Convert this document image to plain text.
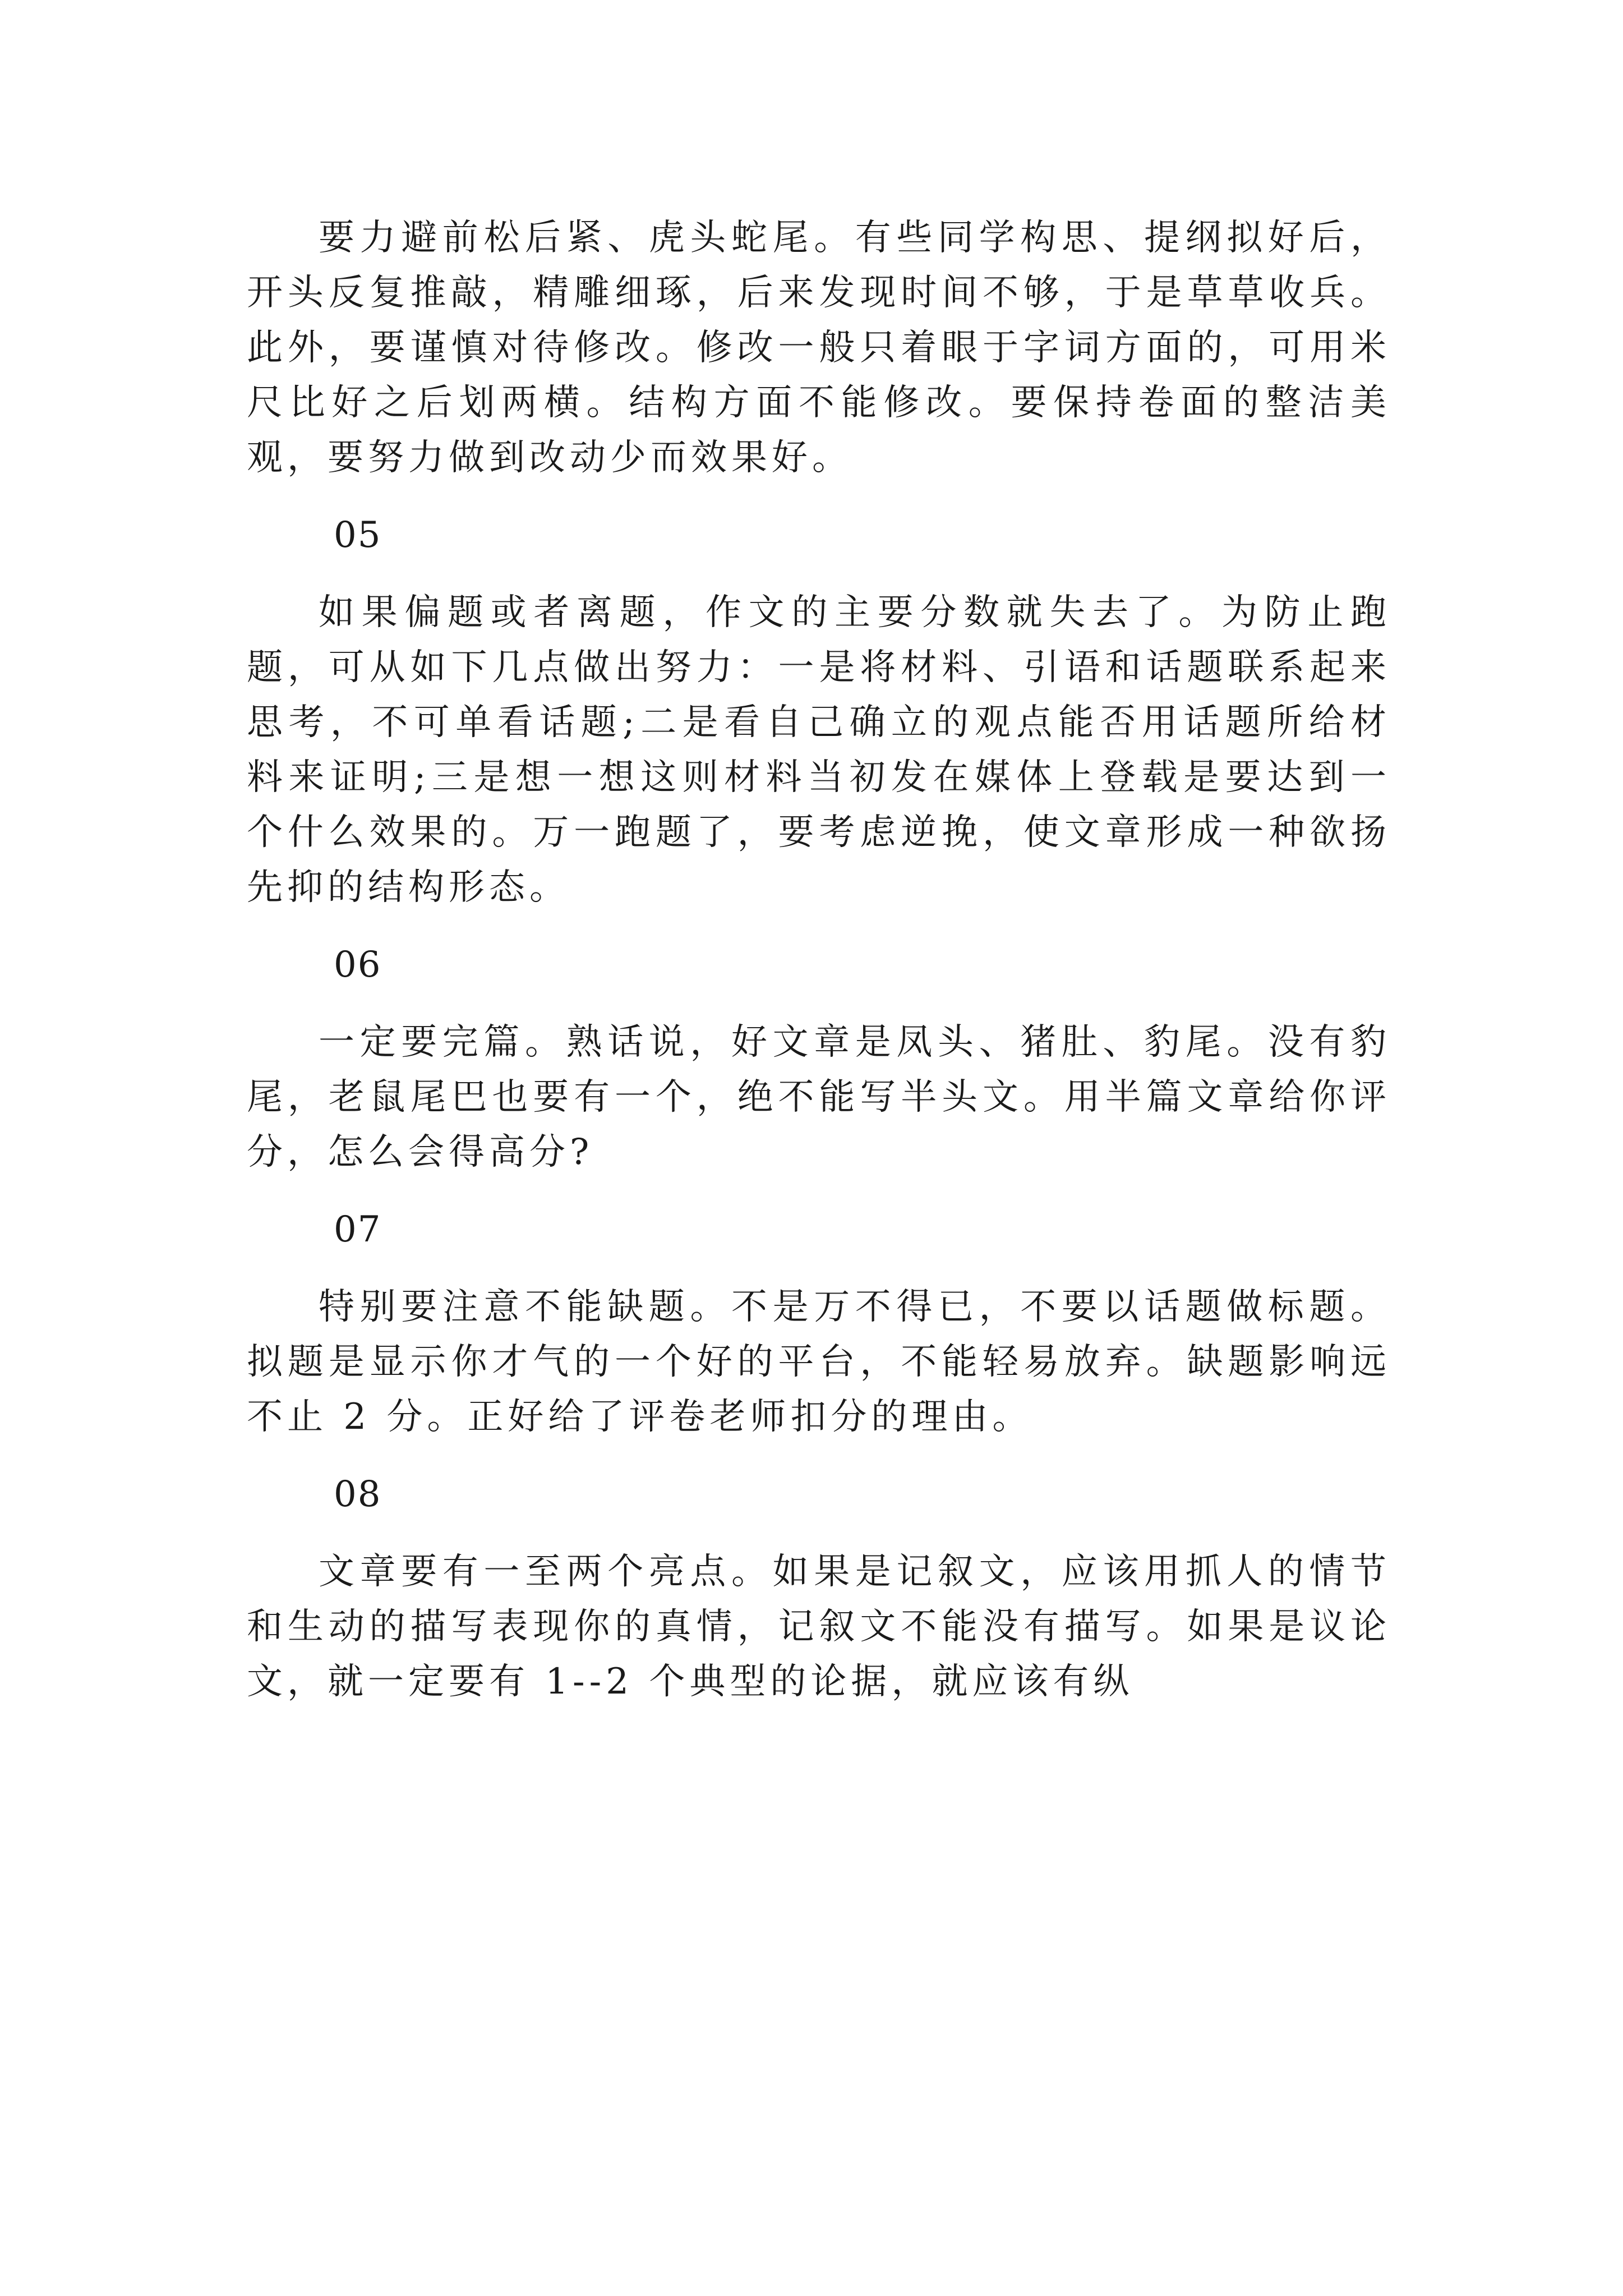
要力避前松后紧、虎头蛇尾。有些同学构思、提纲拟好后，开头反复推敲，精雕细琢，后来发现时间不够，于是草草收兵。此外，要谨慎对待修改。修改一般只着眼于字词方面的，可用米尺比好之后划两横。结构方面不能修改。要保持卷面的整洁美观，要努力做到改动少而效果好。

05

如果偏题或者离题，作文的主要分数就失去了。为防止跑题，可从如下几点做出努力：一是将材料、引语和话题联系起来思考，不可单看话题;二是看自己确立的观点能否用话题所给材料来证明;三是想一想这则材料当初发在媒体上登载是要达到一个什么效果的。万一跑题了，要考虑逆挽，使文章形成一种欲扬先抑的结构形态。

06

一定要完篇。熟话说，好文章是凤头、猪肚、豹尾。没有豹尾，老鼠尾巴也要有一个，绝不能写半头文。用半篇文章给你评分，怎么会得高分?

07

特别要注意不能缺题。不是万不得已，不要以话题做标题。拟题是显示你才气的一个好的平台，不能轻易放弃。缺题影响远不止 2 分。正好给了评卷老师扣分的理由。

08

文章要有一至两个亮点。如果是记叙文，应该用抓人的情节和生动的描写表现你的真情，记叙文不能没有描写。如果是议论文，就一定要有 1--2 个典型的论据，就应该有纵
